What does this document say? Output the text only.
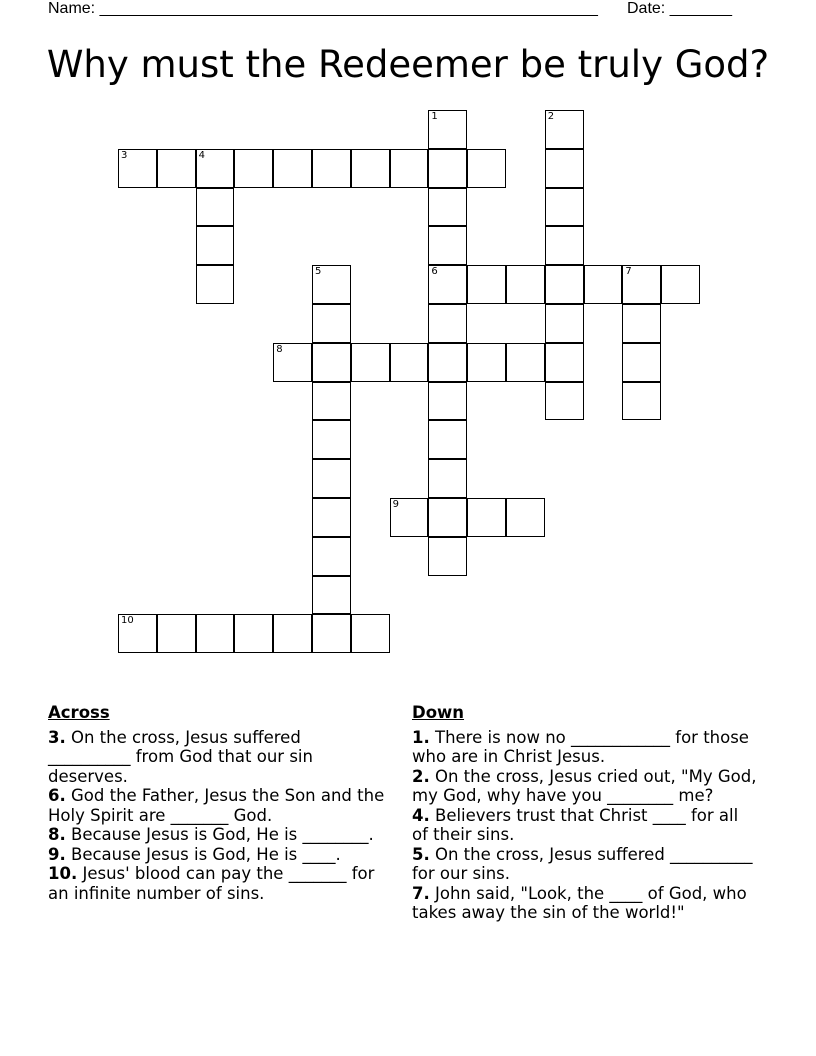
Name: ________________________________________________________ Date: _______
Why must the Redeemer be truly God?
1
6
2
3	4
5	7
8
9
10
Across
3. On the cross, Jesus suffered __________ from God that our sin deserves.
6. God the Father, Jesus the Son and the Holy Spirit are _______ God.
8. Because Jesus is God, He is ________.
9. Because Jesus is God, He is ____.
10. Jesus' blood can pay the _______ for an infinite number of sins.
Down
1. There is now no ____________ for those who are in Christ Jesus.
2. On the cross, Jesus cried out, "My God, my God, why have you ________ me?
4. Believers trust that Christ ____ for all of their sins.
5. On the cross, Jesus suffered __________ for our sins.
7. John said, "Look, the ____ of God, who takes away the sin of the world!"
